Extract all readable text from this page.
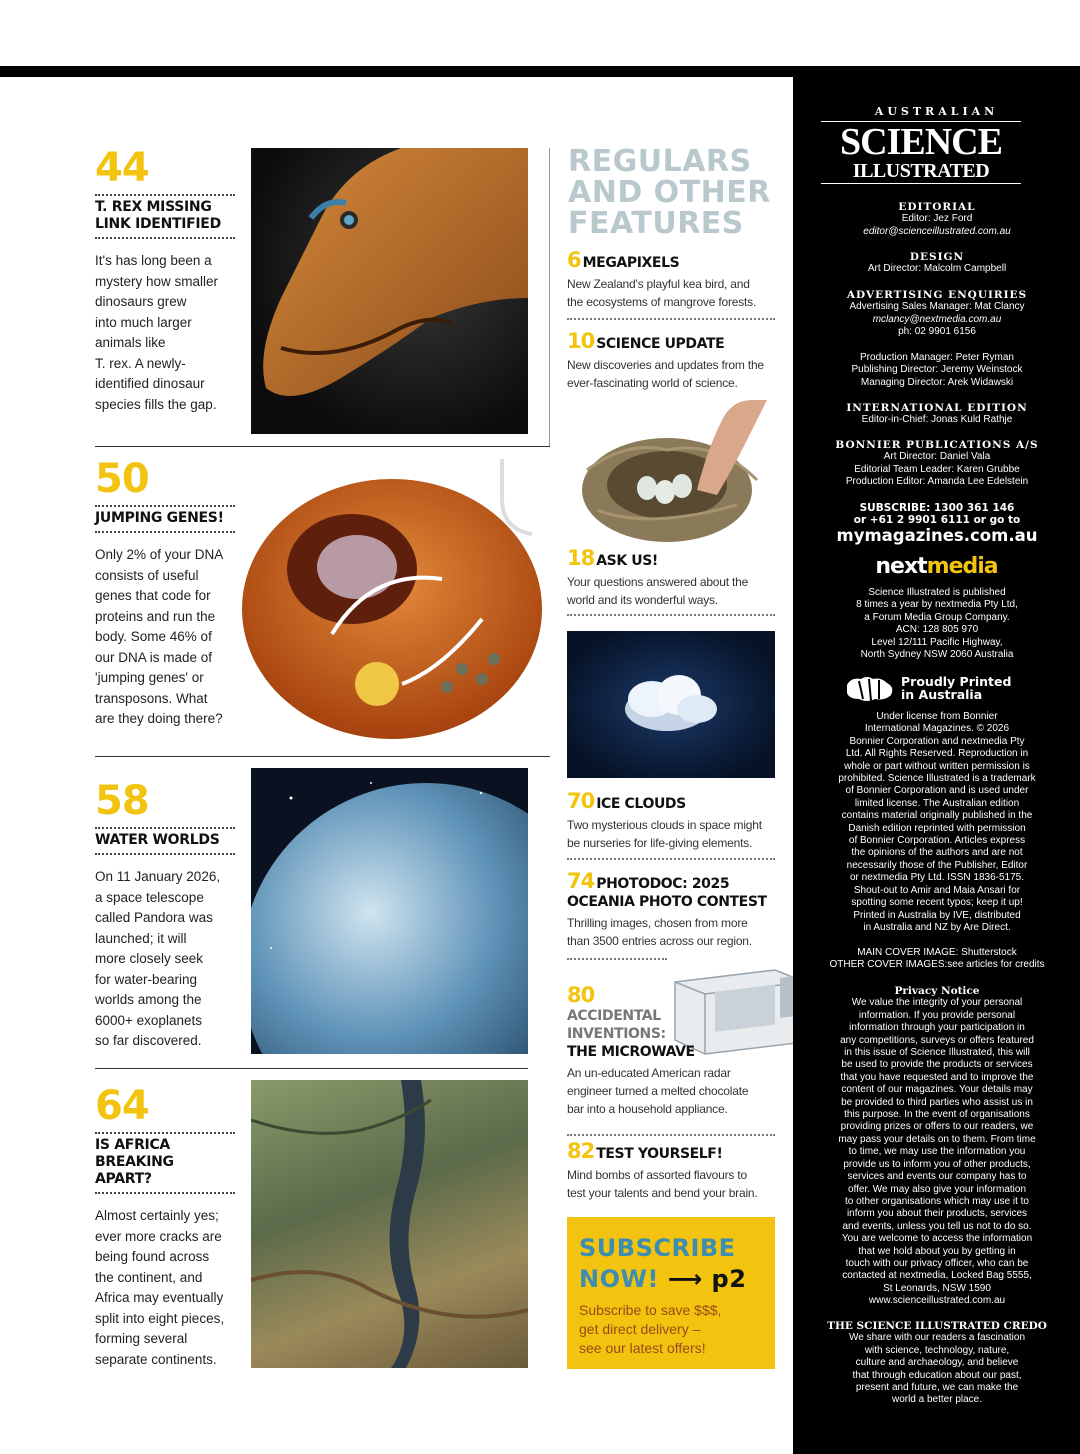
44
T. REX MISSING
LINK IDENTIFIED
It's has long been a
mystery how smaller
dinosaurs grew
into much larger
animals like
T. rex. A newly-
identified dinosaur
species fills the gap.
50
JUMPING GENES!
Only 2% of your DNA
consists of useful
genes that code for
proteins and run the
body. Some 46% of
our DNA is made of
'jumping genes' or
transposons. What
are they doing there?
58
WATER WORLDS
On 11 January 2026,
a space telescope
called Pandora was
launched; it will
more closely seek
for water-bearing
worlds among the
6000+ exoplanets
so far discovered.
64
IS AFRICA
BREAKING
APART?
Almost certainly yes;
ever more cracks are
being found across
the continent, and
Africa may eventually
split into eight pieces,
forming several
separate continents.
REGULARS
AND OTHER
FEATURES
6 MEGAPIXELS
New Zealand's playful kea bird, and
the ecosystems of mangrove forests.
10 SCIENCE UPDATE
New discoveries and updates from the
ever-fascinating world of science.
18 ASK US!
Your questions answered about the
world and its wonderful ways.
70 ICE CLOUDS
Two mysterious clouds in space might
be nurseries for life-giving elements.
74 PHOTODOC: 2025
OCEANIA PHOTO CONTEST
Thrilling images, chosen from more
than 3500 entries across our region.
80
ACCIDENTAL
INVENTIONS:
THE MICROWAVE
An un-educated American radar
engineer turned a melted chocolate
bar into a household appliance.
82 TEST YOURSELF!
Mind bombs of assorted flavours to
test your talents and bend your brain.
SUBSCRIBE
NOW! ⟶ p2
Subscribe to save $$$,
get direct delivery –
see our latest offers!
AUSTRALIAN
SCIENCE
ILLUSTRATED
EDITORIAL
Editor: Jez Ford
editor@scienceillustrated.com.au
DESIGN
Art Director: Malcolm Campbell
ADVERTISING ENQUIRIES
Advertising Sales Manager: Mat Clancy
mclancy@nextmedia.com.au
ph: 02 9901 6156
Production Manager: Peter Ryman
Publishing Director: Jeremy Weinstock
Managing Director: Arek Widawski
INTERNATIONAL EDITION
Editor-in-Chief: Jonas Kuld Rathje
BONNIER PUBLICATIONS A/S
Art Director: Daniel Vala
Editorial Team Leader: Karen Grubbe
Production Editor: Amanda Lee Edelstein
SUBSCRIBE: 1300 361 146
or +61 2 9901 6111 or go to
mymagazines.com.au
nextmedia
Science Illustrated is published
8 times a year by nextmedia Pty Ltd,
a Forum Media Group Company.
ACN: 128 805 970
Level 12/111 Pacific Highway,
North Sydney NSW 2060 Australia
Proudly Printed
in Australia
Under license from Bonnier
International Magazines. © 2026
Bonnier Corporation and nextmedia Pty
Ltd. All Rights Reserved. Reproduction in
whole or part without written permission is
prohibited. Science Illustrated is a trademark
of Bonnier Corporation and is used under
limited license. The Australian edition
contains material originally published in the
Danish edition reprinted with permission
of Bonnier Corporation. Articles express
the opinions of the authors and are not
necessarily those of the Publisher, Editor
or nextmedia Pty Ltd. ISSN 1836-5175.
Shout-out to Amir and Maia Ansari for
spotting some recent typos; keep it up!
Printed in Australia by IVE, distributed
in Australia and NZ by Are Direct.
MAIN COVER IMAGE: Shutterstock
OTHER COVER IMAGES:see articles for credits
Privacy Notice
We value the integrity of your personal
information. If you provide personal
information through your participation in
any competitions, surveys or offers featured
in this issue of Science Illustrated, this will
be used to provide the products or services
that you have requested and to improve the
content of our magazines. Your details may
be provided to third parties who assist us in
this purpose. In the event of organisations
providing prizes or offers to our readers, we
may pass your details on to them. From time
to time, we may use the information you
provide us to inform you of other products,
services and events our company has to
offer. We may also give your information
to other organisations which may use it to
inform you about their products, services
and events, unless you tell us not to do so.
You are welcome to access the information
that we hold about you by getting in
touch with our privacy officer, who can be
contacted at nextmedia, Locked Bag 5555,
St Leonards, NSW 1590
www.scienceillustrated.com.au
THE SCIENCE ILLUSTRATED CREDO
We share with our readers a fascination
with science, technology, nature,
culture and archaeology, and believe
that through education about our past,
present and future, we can make the
world a better place.
